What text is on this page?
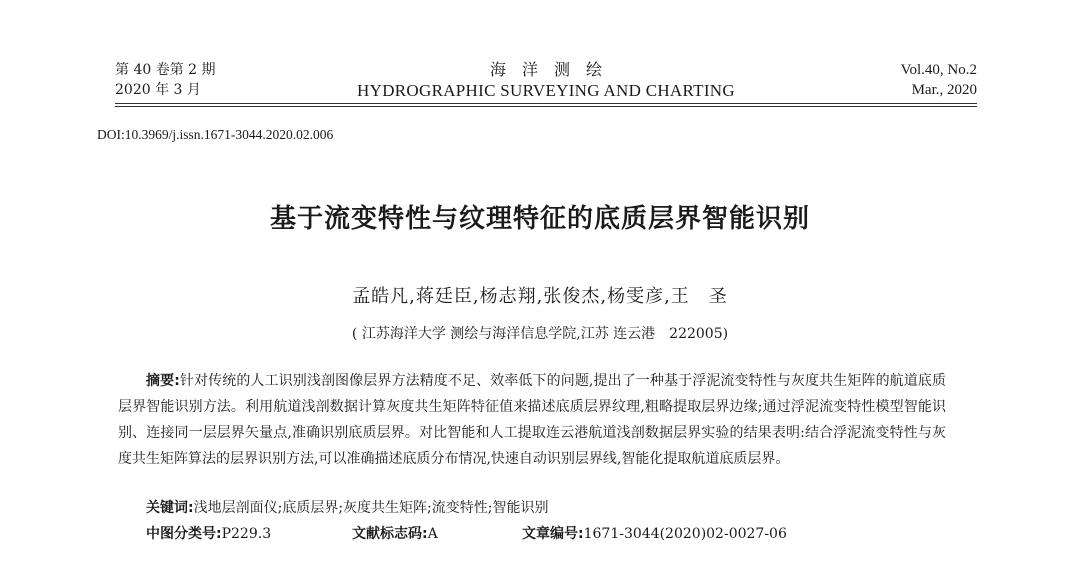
第 40 卷第 2 期
2020 年 3 月
海洋测绘
HYDROGRAPHIC SURVEYING AND CHARTING
Vol.40, No.2
Mar., 2020
DOI:10.3969/j.issn.1671-3044.2020.02.006
基于流变特性与纹理特征的底质层界智能识别
孟皓凡,蒋廷臣,杨志翔,张俊杰,杨雯彦,王　圣
( 江苏海洋大学 测绘与海洋信息学院,江苏 连云港　222005)
摘要:针对传统的人工识别浅剖图像层界方法精度不足、效率低下的问题,提出了一种基于浮泥流变特性与灰度共生矩阵的航道底质层界智能识别方法。利用航道浅剖数据计算灰度共生矩阵特征值来描述底质层界纹理,粗略提取层界边缘;通过浮泥流变特性模型智能识别、连接同一层层界矢量点,准确识别底质层界。对比智能和人工提取连云港航道浅剖数据层界实验的结果表明:结合浮泥流变特性与灰度共生矩阵算法的层界识别方法,可以准确描述底质分布情况,快速自动识别层界线,智能化提取航道底质层界。
关键词:浅地层剖面仪;底质层界;灰度共生矩阵;流变特性;智能识别
中图分类号:P229.3	文献标志码:A	文章编号:1671-3044(2020)02-0027-06
